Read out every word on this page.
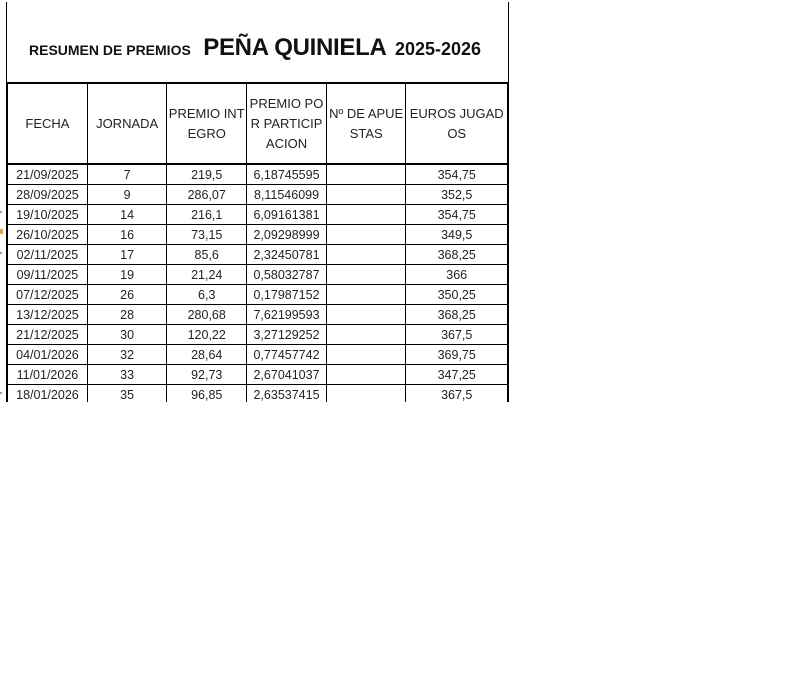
RESUMEN DE PREMIOS PEÑA QUINIELA 2025-2026
FECHA	JORNADA	PREMIO INTEGRO	PREMIO POR PARTICIPACION	Nº DE APUESTAS	EUROS JUGADOS
21/09/2025	7	219,5	6,18745595		354,75
28/09/2025	9	286,07	8,11546099		352,5
19/10/2025	14	216,1	6,09161381		354,75
26/10/2025	16	73,15	2,09298999		349,5
02/11/2025	17	85,6	2,32450781		368,25
09/11/2025	19	21,24	0,58032787		366
07/12/2025	26	6,3	0,17987152		350,25
13/12/2025	28	280,68	7,62199593		368,25
21/12/2025	30	120,22	3,27129252		367,5
04/01/2026	32	28,64	0,77457742		369,75
11/01/2026	33	92,73	2,67041037		347,25
18/01/2026	35	96,85	2,63537415		367,5
